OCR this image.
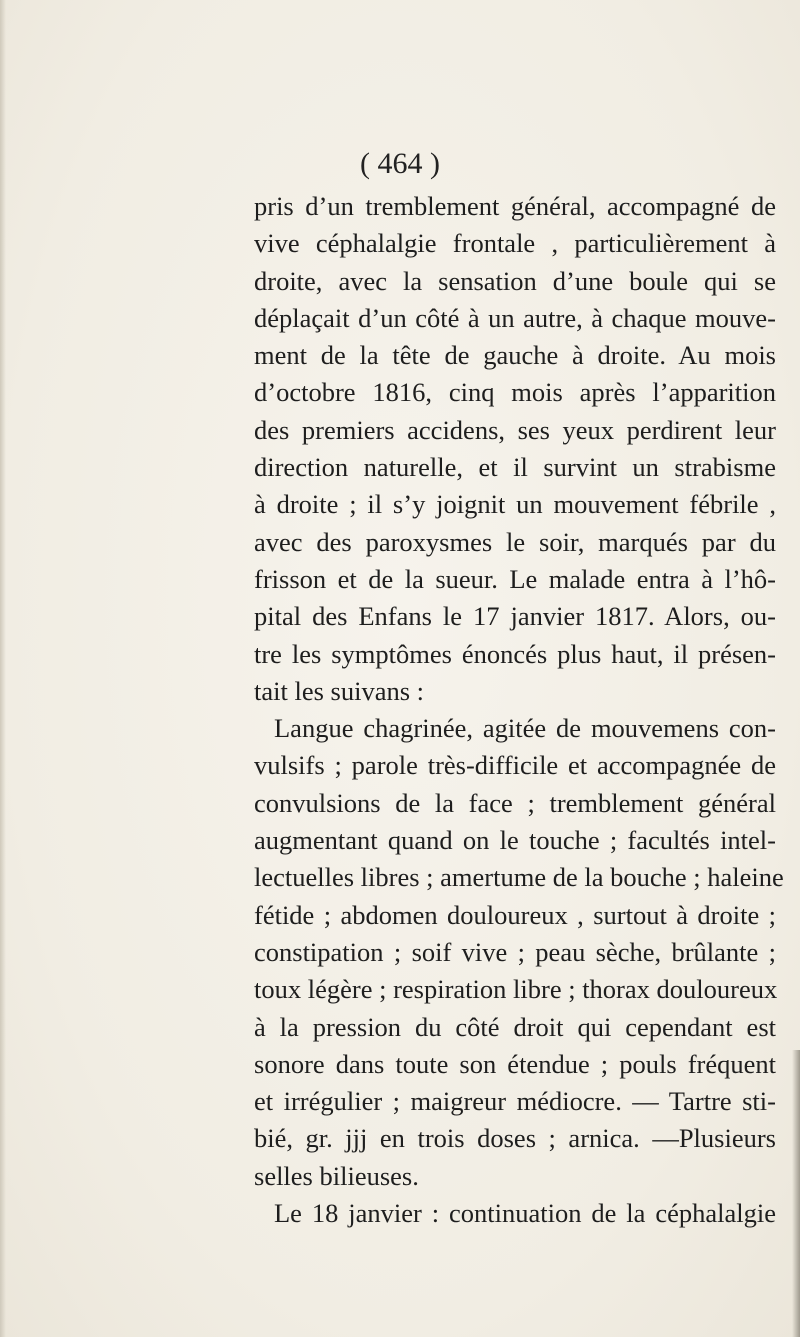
( 464 )

pris d’un tremblement général, accompagné de
vive céphalalgie frontale , particulièrement à
droite, avec la sensation d’une boule qui se
déplaçait d’un côté à un autre, à chaque mouve-
ment de la tête de gauche à droite. Au mois
d’octobre 1816, cinq mois après l’apparition
des premiers accidens, ses yeux perdirent leur
direction naturelle, et il survint un strabisme
à droite ; il s’y joignit un mouvement fébrile ,
avec des paroxysmes le soir, marqués par du
frisson et de la sueur. Le malade entra à l’hô-
pital des Enfans le 17 janvier 1817. Alors, ou-
tre les symptômes énoncés plus haut, il présen-
tait les suivans :
Langue chagrinée, agitée de mouvemens con-
vulsifs ; parole très-difficile et accompagnée de
convulsions de la face ; tremblement général
augmentant quand on le touche ; facultés intel-
lectuelles libres ; amertume de la bouche ; haleine
fétide ; abdomen douloureux , surtout à droite ;
constipation ; soif vive ; peau sèche, brûlante ;
toux légère ; respiration libre ; thorax douloureux
à la pression du côté droit qui cependant est
sonore dans toute son étendue ; pouls fréquent
et irrégulier ; maigreur médiocre. — Tartre sti-
bié, gr. jjj en trois doses ; arnica. —Plusieurs
selles bilieuses.
Le 18 janvier : continuation de la céphalalgie
